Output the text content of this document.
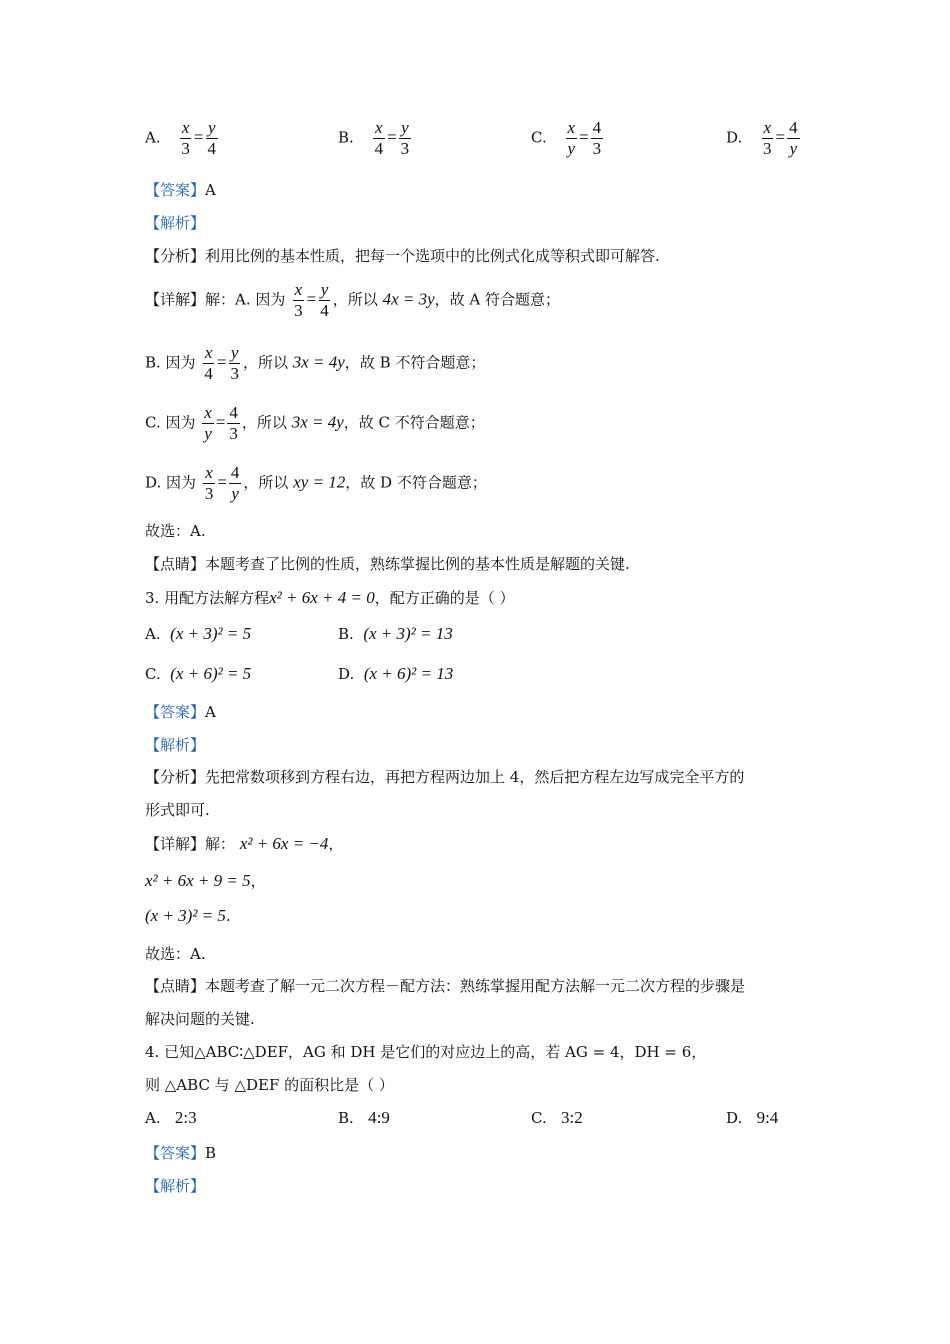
A. $\frac{x}{3} = \frac{y}{4}$	B. $\frac{x}{4} = \frac{y}{3}$	C. $\frac{x}{y} = \frac{4}{3}$	D. $\frac{x}{3} = \frac{4}{y}$
【答案】A
【解析】
【分析】利用比例的基本性质，把每一个选项中的比例式化成等积式即可解答.
【详解】解：A. 因为 $\frac{x}{3} = \frac{y}{4}$ ，所以 4x = 3y，故 A 符合题意；
B. 因为 $\frac{x}{4} = \frac{y}{3}$ ，所以 3x = 4y，故 B 不符合题意；
C. 因为 $\frac{x}{y} = \frac{4}{3}$ ，所以 3x = 4y，故 C 不符合题意；
D. 因为 $\frac{x}{3} = \frac{4}{y}$ ，所以 xy = 12，故 D 不符合题意；
故选：A.
【点睛】本题考查了比例的性质，熟练掌握比例的基本性质是解题的关键.
3. 用配方法解方程x² + 6x + 4 = 0，配方正确的是（ ）
A. (x + 3)² = 5	B. (x + 3)² = 13
C. (x + 6)² = 5	D. (x + 6)² = 13
【答案】A
【解析】
【分析】先把常数项移到方程右边，再把方程两边加上 4，然后把方程左边写成完全平方的
形式即可.
【详解】解： x² + 6x = −4，
x² + 6x + 9 = 5，
(x + 3)² = 5.
故选：A.
【点睛】本题考查了解一元二次方程－配方法：熟练掌握用配方法解一元二次方程的步骤是
解决问题的关键.
4. 已知△ABC∶△DEF，AG 和 DH 是它们的对应边上的高，若 AG = 4，DH = 6，
则 △ABC 与 △DEF 的面积比是（ ）
A. 2:3	B. 4:9	C. 3:2	D. 9:4
【答案】B
【解析】
